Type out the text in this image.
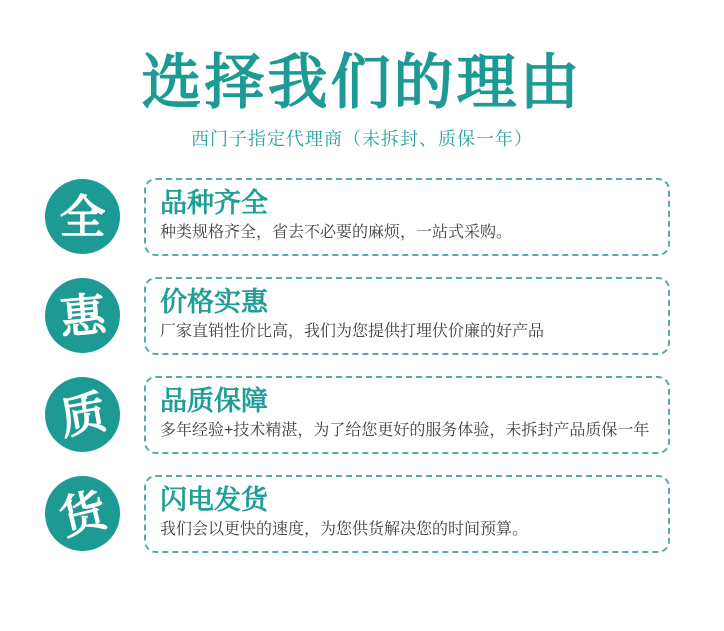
选择我们的理由

西门子指定代理商（未拆封、质保一年）

全 品种齐全

种类规格齐全，省去不必要的麻烦，一站式采购。

惠 价格实惠

厂家直销性价比高，我们为您提供打埋伏价廉的好产品

质 品质保障

多年经验+技术精湛，为了给您更好的服务体验，未拆封产品质保一年

货 闪电发货

我们会以更快的速度，为您供货解决您的时间预算。
